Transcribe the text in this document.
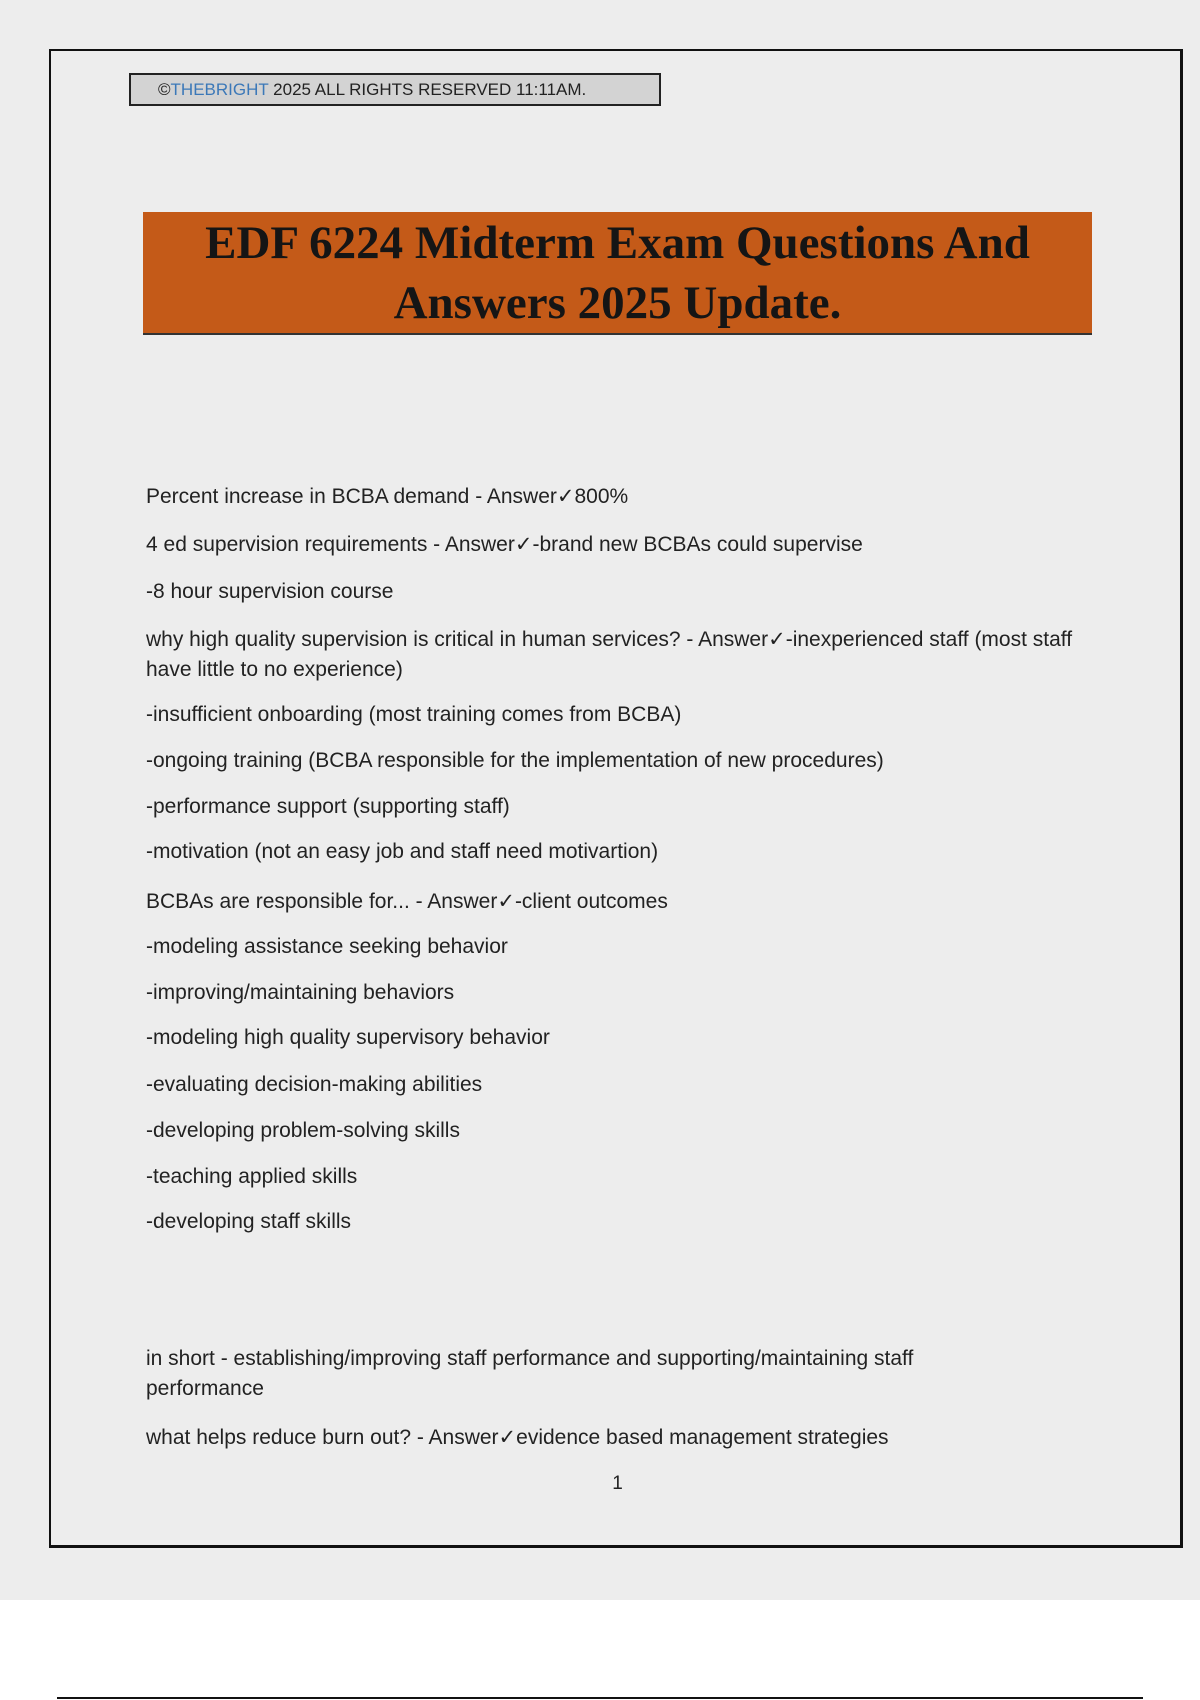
©THEBRIGHT 2025 ALL RIGHTS RESERVED 11:11AM.
EDF 6224 Midterm Exam Questions And
Answers 2025 Update.

Percent increase in BCBA demand - Answer✓800%

4 ed supervision requirements - Answer✓-brand new BCBAs could supervise

-8 hour supervision course

why high quality supervision is critical in human services? - Answer✓-inexperienced staff (most staff have little to no experience)

-insufficient onboarding (most training comes from BCBA)

-ongoing training (BCBA responsible for the implementation of new procedures)

-performance support (supporting staff)

-motivation (not an easy job and staff need motivartion)

BCBAs are responsible for... - Answer✓-client outcomes

-modeling assistance seeking behavior

-improving/maintaining behaviors

-modeling high quality supervisory behavior

-evaluating decision-making abilities

-developing problem-solving skills

-teaching applied skills

-developing staff skills

in short - establishing/improving staff performance and supporting/maintaining staff performance

what helps reduce burn out? - Answer✓evidence based management strategies

1
